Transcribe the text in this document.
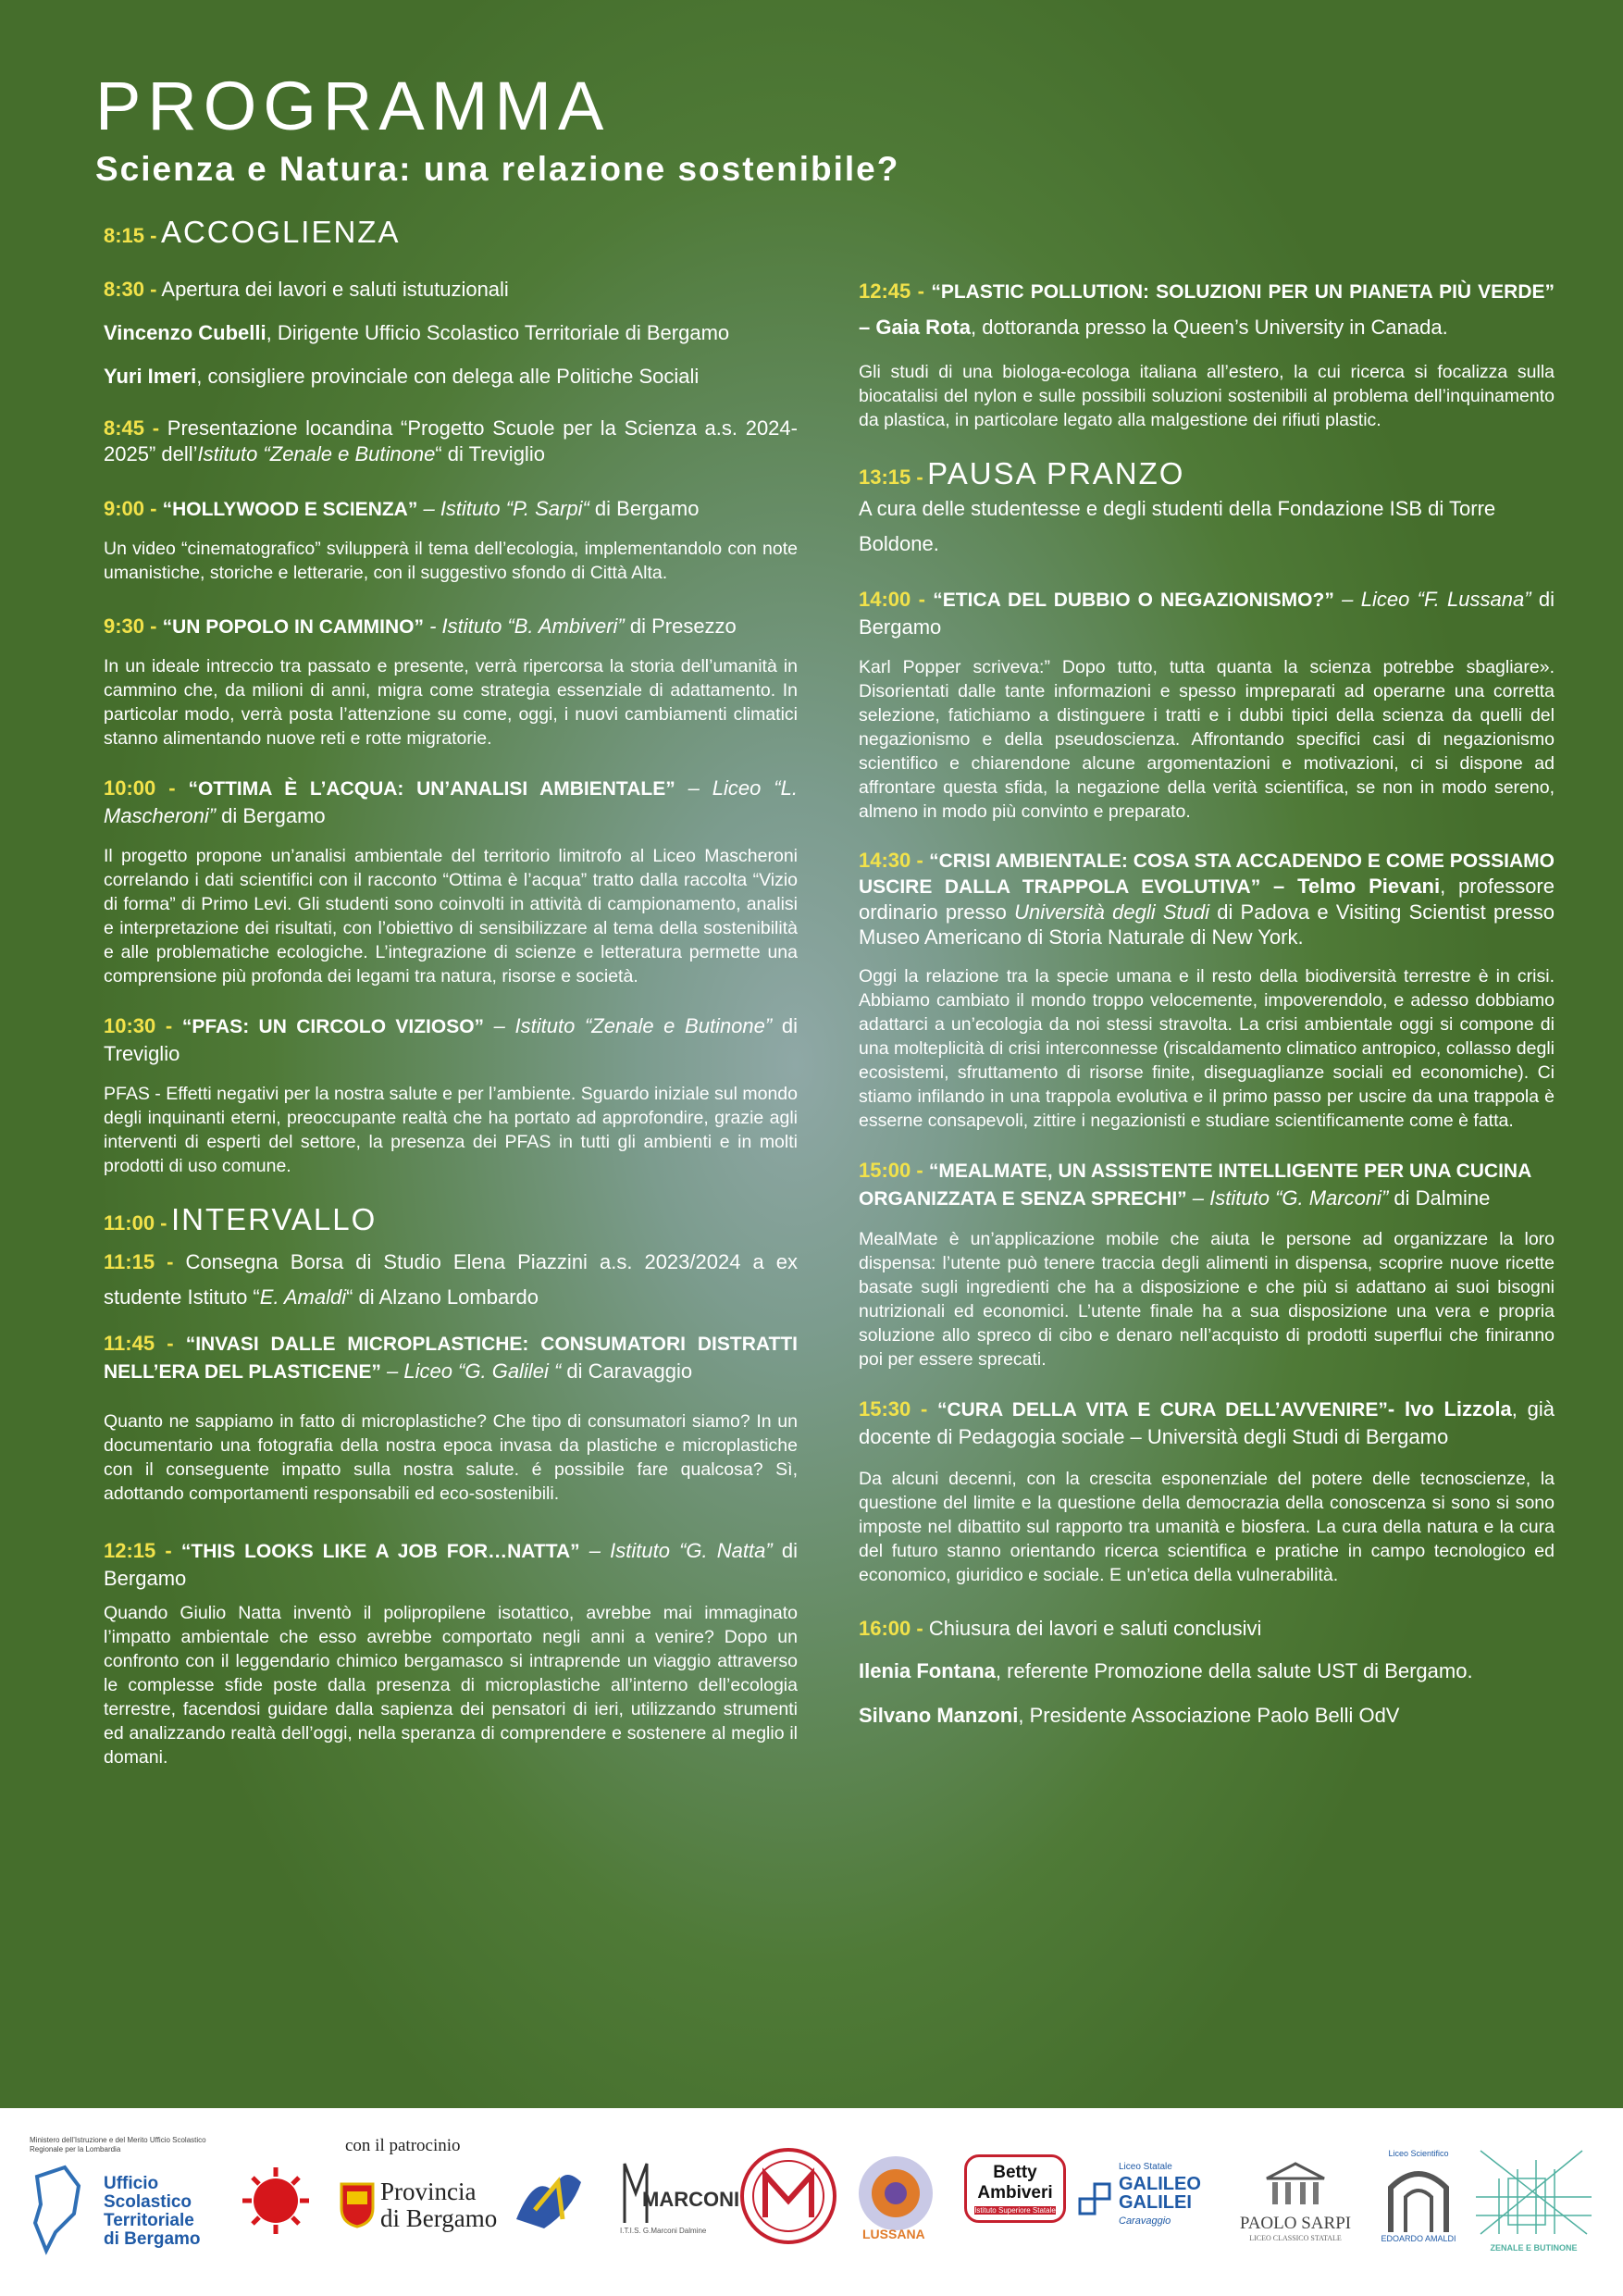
PROGRAMMA
Scienza e Natura: una relazione sostenibile?
8:15 - ACCOGLIENZA
8:30 - Apertura dei lavori e saluti istutuzionali
Vincenzo Cubelli, Dirigente Ufficio Scolastico Territoriale di Bergamo
Yuri Imeri, consigliere provinciale con delega alle Politiche Sociali
8:45 - Presentazione locandina “Progetto Scuole per la Scienza a.s. 2024-2025” dell’Istituto “Zenale e Butinone“ di Treviglio
9:00 - “HOLLYWOOD E SCIENZA” – Istituto “P. Sarpi“ di Bergamo
Un video “cinematografico” svilupperà il tema dell’ecologia, implementandolo con note umanistiche, storiche e letterarie, con il suggestivo sfondo di Città Alta.
9:30 - “UN POPOLO IN CAMMINO” - Istituto “B. Ambiveri” di Presezzo
In un ideale intreccio tra passato e presente, verrà ripercorsa la storia dell’umanità in cammino che, da milioni di anni, migra come strategia essenziale di adattamento. In particolar modo, verrà posta l’attenzione su come, oggi, i nuovi cambiamenti climatici stanno alimentando nuove reti e rotte migratorie.
10:00 - “OTTIMA È L’ACQUA: UN’ANALISI AMBIENTALE” – Liceo “L. Mascheroni” di Bergamo
Il progetto propone un’analisi ambientale del territorio limitrofo al Liceo Mascheroni correlando i dati scientifici con il racconto “Ottima è l’acqua” tratto dalla raccolta “Vizio di forma” di Primo Levi. Gli studenti sono coinvolti in attività di campionamento, analisi e interpretazione dei risultati, con l’obiettivo di sensibilizzare al tema della sostenibilità e alle problematiche ecologiche. L’integrazione di scienze e letteratura permette una comprensione più profonda dei legami tra natura, risorse e società.
10:30 - “PFAS: UN CIRCOLO VIZIOSO” – Istituto “Zenale e Butinone” di Treviglio
PFAS - Effetti negativi per la nostra salute e per l’ambiente. Sguardo iniziale sul mondo degli inquinanti eterni, preoccupante realtà che ha portato ad approfondire, grazie agli interventi di esperti del settore, la presenza dei PFAS in tutti gli ambienti e in molti prodotti di uso comune.
11:00 - INTERVALLO
11:15 - Consegna Borsa di Studio Elena Piazzini a.s. 2023/2024 a ex studente Istituto “E. Amaldi“ di Alzano Lombardo
11:45 - “INVASI DALLE MICROPLASTICHE: CONSUMATORI DISTRATTI NELL’ERA DEL PLASTICENE” – Liceo “G. Galilei “ di Caravaggio
Quanto ne sappiamo in fatto di microplastiche? Che tipo di consumatori siamo? In un documentario una fotografia della nostra epoca invasa da plastiche e microplastiche con il conseguente impatto sulla nostra salute. é possibile fare qualcosa? Sì, adottando comportamenti responsabili ed eco-sostenibili.
12:15 - “THIS LOOKS LIKE A JOB FOR…NATTA” – Istituto “G. Natta” di Bergamo
Quando Giulio Natta inventò il polipropilene isotattico, avrebbe mai immaginato l’impatto ambientale che esso avrebbe comportato negli anni a venire? Dopo un confronto con il leggendario chimico bergamasco si intraprende un viaggio attraverso le complesse sfide poste dalla presenza di microplastiche all’interno dell’ecologia terrestre, facendosi guidare dalla sapienza dei pensatori di ieri, utilizzando strumenti ed analizzando realtà dell’oggi, nella speranza di comprendere e sostenere al meglio il domani.
12:45 - “PLASTIC POLLUTION: SOLUZIONI PER UN PIANETA PIÙ VERDE” – Gaia Rota, dottoranda presso la Queen’s University in Canada.
Gli studi di una biologa-ecologa italiana all’estero, la cui ricerca si focalizza sulla biocatalisi del nylon e sulle possibili soluzioni sostenibili al problema dell’inquinamento da plastica, in particolare legato alla malgestione dei rifiuti plastic.
13:15 - PAUSA PRANZO
A cura delle studentesse e degli studenti della Fondazione ISB di Torre Boldone.
14:00 - “ETICA DEL DUBBIO O NEGAZIONISMO?” – Liceo “F. Lussana” di Bergamo
Karl Popper scriveva:” Dopo tutto, tutta quanta la scienza potrebbe sbagliare». Disorientati dalle tante informazioni e spesso impreparati ad operarne una corretta selezione, fatichiamo a distinguere i tratti e i dubbi tipici della scienza da quelli del negazionismo e della pseudoscienza. Affrontando specifici casi di negazionismo scientifico e chiarendone alcune argomentazioni e motivazioni, ci si dispone ad affrontare questa sfida, la negazione della verità scientifica, se non in modo sereno, almeno in modo più convinto e preparato.
14:30 - “CRISI AMBIENTALE: COSA STA ACCADENDO E COME POSSIAMO USCIRE DALLA TRAPPOLA EVOLUTIVA” – Telmo Pievani, professore ordinario presso Università degli Studi di Padova e Visiting Scientist presso Museo Americano di Storia Naturale di New York.
Oggi la relazione tra la specie umana e il resto della biodiversità terrestre è in crisi. Abbiamo cambiato il mondo troppo velocemente, impoverendolo, e adesso dobbiamo adattarci a un’ecologia da noi stessi stravolta. La crisi ambientale oggi si compone di una molteplicità di crisi interconnesse (riscaldamento climatico antropico, collasso degli ecosistemi, sfruttamento di risorse finite, diseguaglianze sociali ed economiche). Ci stiamo infilando in una trappola evolutiva e il primo passo per uscire da una trappola è esserne consapevoli, zittire i negazionisti e studiare scientificamente come è fatta.
15:00 - “MEALMATE, UN ASSISTENTE INTELLIGENTE PER UNA CUCINA ORGANIZZATA E SENZA SPRECHI” – Istituto “G. Marconi” di Dalmine
MealMate è un’applicazione mobile che aiuta le persone ad organizzare la loro dispensa: l’utente può tenere traccia degli alimenti in dispensa, scoprire nuove ricette basate sugli ingredienti che ha a disposizione e che più si adattano ai suoi bisogni nutrizionali ed economici. L’utente finale ha a sua disposizione una vera e propria soluzione allo spreco di cibo e denaro nell’acquisto di prodotti superflui che finiranno poi per essere sprecati.
15:30 - “CURA DELLA VITA E CURA DELL’AVVENIRE”- Ivo Lizzola, già docente di Pedagogia sociale – Università degli Studi di Bergamo
Da alcuni decenni, con la crescita esponenziale del potere delle tecnoscienze, la questione del limite e la questione della democrazia della conoscenza si sono si sono imposte nel dibattito sul rapporto tra umanità e biosfera. La cura della natura e la cura del futuro stanno orientando ricerca scientifica e pratiche in campo tecnologico ed economico, giuridico e sociale. E un’etica della vulnerabilità.
16:00 - Chiusura dei lavori e saluti conclusivi
Ilenia Fontana, referente Promozione della salute UST di Bergamo.
Silvano Manzoni, Presidente Associazione Paolo Belli OdV
Ministero dell’Istruzione e del Merito Ufficio Scolastico Regionale per la Lombardia
Ufficio
Scolastico
Territoriale
di Bergamo
con il patrocinio
Provincia
di Bergamo
MARCONI
I.T.I.S. G.Marconi Dalmine	LUSSANA
Betty
Ambiveri
Istituto Superiore Statale
Liceo Statale
GALILEO
GALILEI
Caravaggio	PAOLO SARPI
LICEO CLASSICO STATALE
Liceo Scientifico
EDOARDO AMALDI
ZENALE E BUTINONE
